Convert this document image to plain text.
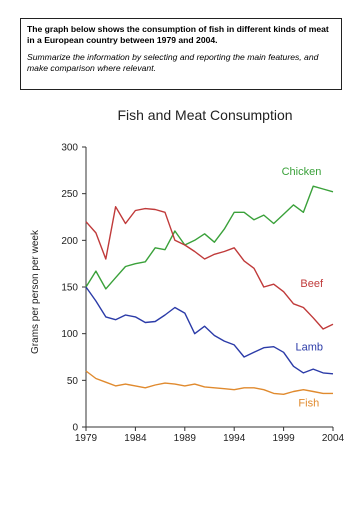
The graph below shows the consumption of fish in different kinds of meat in a European country between 1979 and 2004.

Summarize the information by selecting and reporting the main features, and make comparison where relevant.

Fish and Meat Consumption
Grams per person per week
0
50
100
150
200
250
300
1979	1984	1989	1994	1999	2004
Chicken
Beef
Lamb
Fish
